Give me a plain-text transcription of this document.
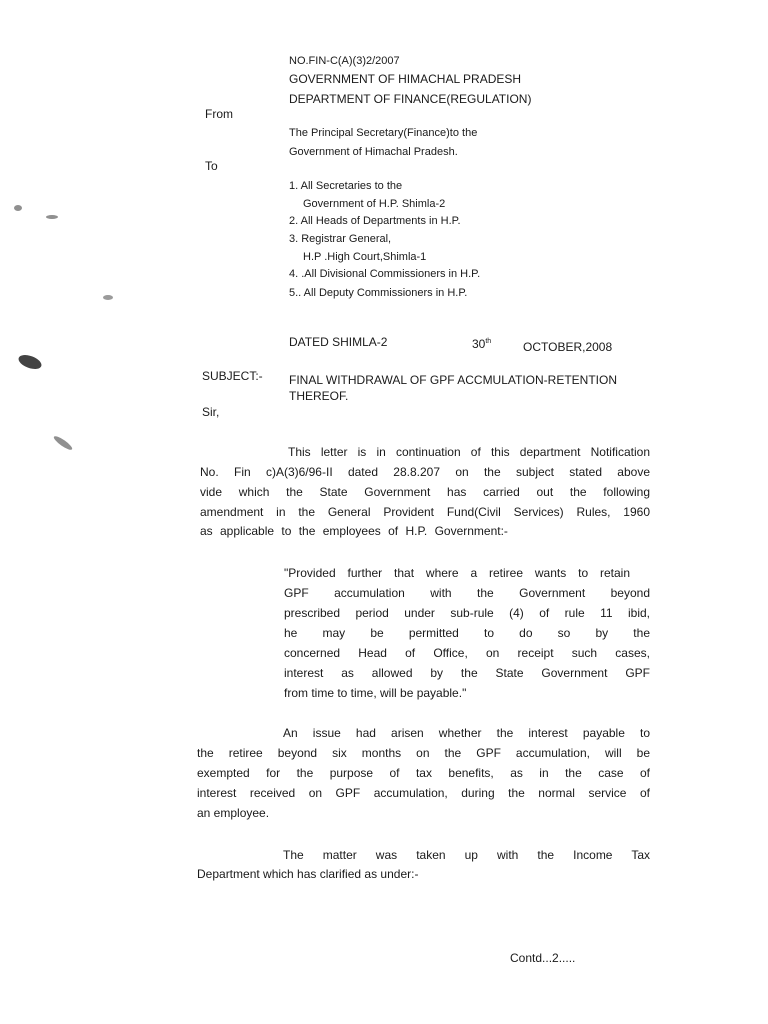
NO.FIN-C(A)(3)2/2007
GOVERNMENT OF HIMACHAL PRADESH
DEPARTMENT OF FINANCE(REGULATION)
From
The Principal Secretary(Finance)to the
Government of Himachal Pradesh.
To
1. All Secretaries to the
Government of H.P. Shimla-2
2. All Heads of Departments in H.P.
3. Registrar General,
H.P .High Court,Shimla-1
4. .All Divisional Commissioners in H.P.
5.. All Deputy Commissioners in H.P.
DATED SHIMLA-2	30th	OCTOBER,2008
SUBJECT:- FINAL WITHDRAWAL OF GPF ACCMULATION-RETENTION
THEREOF.
Sir,
This letter is in continuation of this department Notification
No. Fin c)A(3)6/96-II dated 28.8.207 on the subject stated above
vide which the State Government has carried out the following
amendment in the General Provident Fund(Civil Services) Rules, 1960
as applicable to the employees of H.P. Government:-
"Provided further that where a retiree wants to retain
GPF accumulation with the Government beyond
prescribed period under sub-rule (4) of rule 11 ibid,
he may be permitted to do so by the
concerned Head of Office, on receipt such cases,
interest as allowed by the State Government GPF
from time to time, will be payable."
An issue had arisen whether the interest payable to
the retiree beyond six months on the GPF accumulation, will be
exempted for the purpose of tax benefits, as in the case of
interest received on GPF accumulation, during the normal service of
an employee.
The matter was taken up with the Income Tax
Department which has clarified as under:-
Contd...2.....
